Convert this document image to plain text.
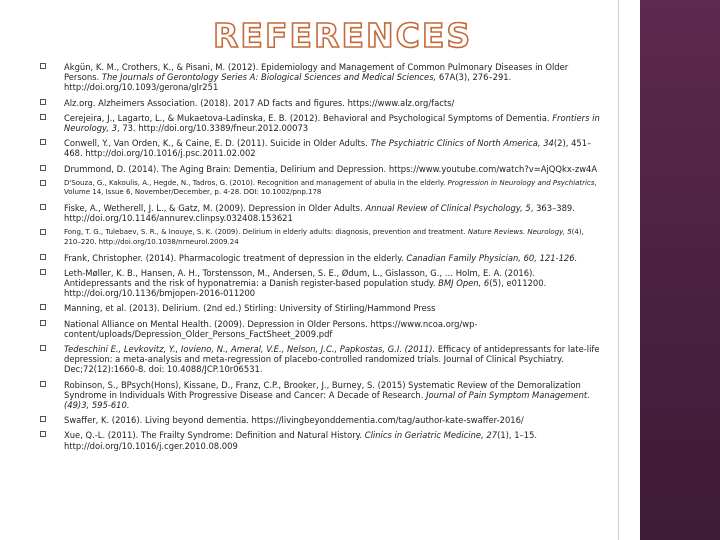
REFERENCES
Akgün, K. M., Crothers, K., & Pisani, M. (2012). Epidemiology and Management of Common Pulmonary Diseases in Older Persons. The Journals of Gerontology Series A: Biological Sciences and Medical Sciences, 67A(3), 276–291. http://doi.org/10.1093/gerona/glr251
Alz.org. Alzheimers Association. (2018). 2017 AD facts and figures. https://www.alz.org/facts/
Cerejeira, J., Lagarto, L., & Mukaetova-Ladinska, E. B. (2012). Behavioral and Psychological Symptoms of Dementia. Frontiers in Neurology, 3, 73. http://doi.org/10.3389/fneur.2012.00073
Conwell, Y., Van Orden, K., & Caine, E. D. (2011). Suicide in Older Adults. The Psychiatric Clinics of North America, 34(2), 451–468. http://doi.org/10.1016/j.psc.2011.02.002
Drummond, D. (2014). The Aging Brain: Dementia, Delirium and Depression. https://www.youtube.com/watch?v=AjQQkx-zw4A
D'Souza, G., Kakoulis, A., Hegde, N., Tadros, G. (2010). Recognition and management of abulia in the elderly. Progression in Neurology and Psychiatrics, Volume 14, Issue 6, November/December, p. 4-28. DOI: 10.1002/pnp.178
Fiske, A., Wetherell, J. L., & Gatz, M. (2009). Depression in Older Adults. Annual Review of Clinical Psychology, 5, 363–389. http://doi.org/10.1146/annurev.clinpsy.032408.153621
Fong, T. G., Tulebaev, S. R., & Inouye, S. K. (2009). Delirium in elderly adults: diagnosis, prevention and treatment. Nature Reviews. Neurology, 5(4), 210–220. http://doi.org/10.1038/nrneurol.2009.24
Frank, Christopher. (2014). Pharmacologic treatment of depression in the elderly. Canadian Family Physician, 60, 121-126.
Leth-Møller, K. B., Hansen, A. H., Torstensson, M., Andersen, S. E., Ødum, L., Gislasson, G., … Holm, E. A. (2016). Antidepressants and the risk of hyponatremia: a Danish register-based population study. BMJ Open, 6(5), e011200. http://doi.org/10.1136/bmjopen-2016-011200
Manning, et al. (2013). Delirium. (2nd ed.) Stirling: University of Stirling/Hammond Press
National Alliance on Mental Health. (2009). Depression in Older Persons. https://www.ncoa.org/wp-content/uploads/Depression_Older_Persons_FactSheet_2009.pdf
Tedeschini E., Levkovitz, Y., Iovieno, N., Ameral, V.E., Nelson, J.C., Papkostas, G.I. (2011). Efficacy of antidepressants for late-life depression: a meta-analysis and meta-regression of placebo-controlled randomized trials. Journal of Clinical Psychiatry. Dec;72(12):1660-8. doi: 10.4088/JCP.10r06531.
Robinson, S., BPsych(Hons), Kissane, D., Franz, C.P., Brooker, J., Burney, S. (2015) Systematic Review of the Demoralization Syndrome in Individuals With Progressive Disease and Cancer: A Decade of Research. Journal of Pain Symptom Management. (49)3, 595-610.
Swaffer, K. (2016). Living beyond dementia. https://livingbeyonddementia.com/tag/author-kate-swaffer-2016/
Xue, Q.-L. (2011). The Frailty Syndrome: Definition and Natural History. Clinics in Geriatric Medicine, 27(1), 1–15. http://doi.org/10.1016/j.cger.2010.08.009
